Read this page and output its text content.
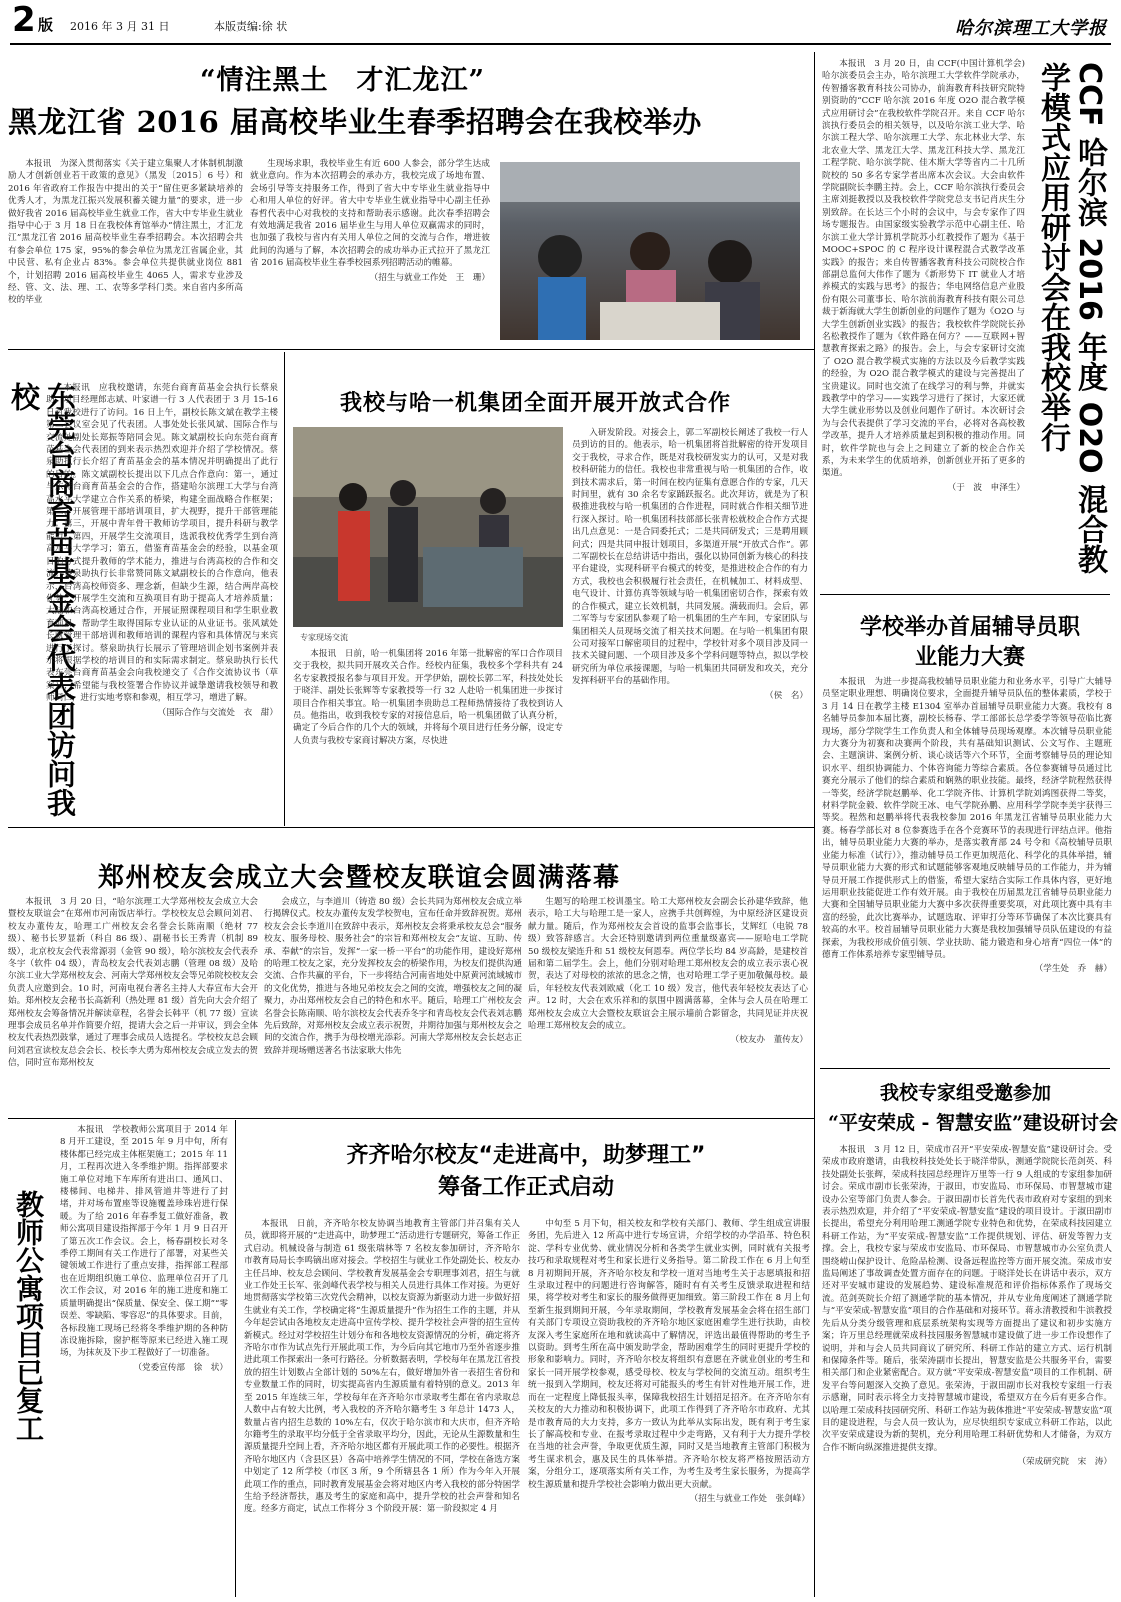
2 版 2016 年 3 月 31 日	本版责编:徐 状	哈尔滨理工大学报
“情注黑土　才汇龙江”
黑龙江省 2016 届高校毕业生春季招聘会在我校举办

本报讯　为深入贯彻落实《关于建立集聚人才体制机制激励人才创新创业若干政策的意见》（黑发〔2015〕6 号）和 2016 年省政府工作报告中提出的关于“留住更多紧缺培养的优秀人才，为黑龙江振兴发展积蓄关键力量”的要求，进一步做好我省 2016 届高校毕业生就业工作，省大中专毕业生就业指导中心于 3 月 18 日在我校体育馆举办“情注黑土，才汇龙江”黑龙江省 2016 届高校毕业生春季招聘会。本次招聘会共有参会单位 175 家，95%的参会单位为黑龙江省属企业，其中民营、私有企业占 83%。参会单位共提供就业岗位 881 个，计划招聘 2016 届高校毕业生 4065 人，需求专业涉及经、管、文、法、理、工、农等多学科门类。来自省内多所高校的毕业

生现场求职，我校毕业生有近 600 人参会，部分学生达成就业意向。作为本次招聘会的承办方，我校完成了场地布置、会场引导等支持服务工作，得到了省大中专毕业生就业指导中心和用人单位的好评。省大中专毕业生就业指导中心副主任孙春哲代表中心对我校的支持和帮助表示感谢。此次春季招聘会有效地满足我省 2016 届毕业生与用人单位双赢需求的同时，也加强了我校与省内有关用人单位之间的交流与合作，增进彼此间的沟通与了解，本次招聘会的成功举办正式拉开了黑龙江省 2016 届高校毕业生春季校园系列招聘活动的帷幕。

（招生与就业工作处　王　珊）

本报讯　3 月 20 日，由 CCF(中国计算机学会)哈尔滨委员会主办，哈尔滨理工大学软件学院承办，传智播客教育科技公司协办，前海教育科技研究院特别资助的“CCF 哈尔滨 2016 年度 O2O 混合教学模式应用研讨会”在我校软件学院召开。来自 CCF 哈尔滨执行委员会的相关领导，以及哈尔滨工业大学、哈尔滨工程大学、哈尔滨理工大学、东北林业大学、东北农业大学、黑龙江大学、黑龙江科技大学、黑龙江工程学院、哈尔滨学院、佳木斯大学等省内二十几所院校的 50 多名专家学者出席本次会议。大会由软件学院副院长李鹏主持。会上，CCF 哈尔滨执行委员会主席刘挺教授以及我校软件学院党总支书记肖庆生分别致辞。在长达三个小时的会议中，与会专家作了四场专题报告。由国家级实验教学示范中心副主任、哈尔滨工业大学计算机学院苏小红教授作了题为《基于 MOOC+SPOC 的 C 程序设计课程混合式教学改革实践》的报告；来自传智播客教育科技公司院校合作部副总监何大伟作了题为《新形势下 IT 就业人才培养模式的实践与思考》的报告；华电网络信息产业股份有限公司董事长、哈尔滨前海教育科技有限公司总裁于新海就大学生创新创业的问题作了题为《O2O 与大学生创新创业实践》的报告；我校软件学院院长孙名松教授作了题为《软件路在何方？——互联网+智慧教育探索之路》的报告。会上，与会专家研讨交流了 O2O 混合教学模式实施的方法以及今后教学实践的经验，为 O2O 混合教学模式的建设与完善提出了宝贵建议。同时也交流了在线学习的利与弊，并就实践教学中的学习——实践学习进行了探讨，大家还就大学生就业形势以及创业问题作了研讨。本次研讨会为与会代表提供了学习交流的平台，必将对各高校教学改革，提升人才培养质量起到积极的推动作用。同时，软件学院也与会上之间建立了新的校企合作关系，为未来学生的优质培养，创新创业开拓了更多的渠道。

（于　波　申泽生）	CCF 哈尔滨 2016 年度 O2O 混合教学模式应用研讨会在我校举行
学校举办首届辅导员职业能力大赛

本报讯　为进一步提高我校辅导员职业能力和业务水平，引导广大辅导员坚定职业理想、明确岗位要求，全面提升辅导员队伍的整体素质，学校于 3 月 14 日在教学主楼 E1304 室举办首届辅导员职业能力大赛。我校有 8 名辅导员参加本届比赛，副校长杨春、学工部部长总学委学等领导莅临比赛现场，部分学院学生工作负责人和全体辅导员现场观摩。本次辅导员职业能力大赛分为初赛和决赛两个阶段，共有基础知识测试、公文写作、主题班会、主题演讲、案例分析、谈心谈话等六个环节，全面考察辅导员的理论知识水平、组织协调能力、个体咨询能力等综合素质。各位参赛辅导员通过比赛充分展示了他们的综合素质和娴熟的职业技能。最终，经济学院程然获得一等奖，经济学院赵鹏举、化工学院齐伟、计算机学院刘鸿图获得二等奖，材料学院金毅、软件学院王冰、电气学院孙鹏、应用科学学院李美宇获得三等奖。程然和赵鹏举将代表我校参加 2016 年黑龙江省辅导员职业能力大赛。杨春学部长对 8 位参赛选手在各个竞赛环节的表现进行评结点评。他指出，辅导员职业能力大赛的举办，是落实教育部 24 号令和《高校辅导员职业能力标准（试行）》，推动辅导员工作更加规范化、科学化的具体举措，辅导员职业能力大赛的形式和试题能够客观地反映辅导员的工作能力，并为辅导员开展工作提供形式上的借鉴，希望大家结合实际工作具体内容，更好地运用职业技能促进工作有效开展。由于我校在历届黑龙江省辅导员职业能力大赛和全国辅导员职业能力大赛中多次获得重要奖项，对此项比赛中具有丰富的经验，此次比赛举办，试题选取、评审打分等环节确保了本次比赛具有较高的水平。校首届辅导员职业能力大赛是我校加强辅导员队伍建设的有益探索，为我校形成价值引领、学业扶助、能力锻造和身心培育“四位一体”的德育工作体系培养专家型辅导员。

（学生处　乔　赫）

我校专家组受邀参加
“平安荣成 - 智慧安监”建设研讨会

本报讯　3 月 12 日，荣成市召开“平安荣成-智慧安监”建设研讨会。受荣成市政府邀请，由我校科技处处长于晓洋带队，测通学院院长范剑英、科技处副处长张辉，荣成科技园总经理许万里等一行 9 人组成的专家组参加研讨会。荣成市副市长张荣涛，于淑田，市安监局、市环保局、市智慧城市建设办公室等部门负责人参会。于淑田副市长首先代表市政府对专家组的到来表示热烈欢迎，并介绍了“平安荣成-智慧安监”建设的项目设计。于淑田副市长提出，希望充分利用哈理工测通学院专业特色和优势，在荣成科技园建立科研工作站，为“平安荣成-智慧安监”工作提供规划、评估、研发等智力支撑。会上，我校专家与荣成市安监局、市环保局、市智慧城市办公室负责人围绕崂山保护设计、危险品检测、设备远程监控等方面开展交流。荣成市安监局阐述了事故调查处置方面存在的问题。于晓洋处长在讲话中表示，双方还对平安城市建设的发展趋势、建设标准规范和评价指标体系作了现场交流。范剑英院长介绍了测通学院的基本情况，并从专业角度阐述了测通学院与“平安荣成-智慧安监”项目的合作基础和对接环节。蒋永清教授和牛滨教授先后从分类分级管理和底层系统架构实现等方面提出了建议和初步实施方案；许万里总经理就荣成科技园服务智慧城市建设做了进一步工作设想作了说明，并和与会人员共同商议了研究所、科研工作站的建立方式、运行机制和保障条件等。随后，张荣涛副市长提出，智慧安监是公共服务平台，需要相关部门和企业紧密配合。双方就“平安荣成-智慧安监”项目的工作机制、研发平台等问题深入交换了意见。张荣涛，于淑田副市长对我校专家组一行表示感谢，同时表示将全力支持智慧城市建设，希望双方在今后有更多合作。以哈理工荣成科技园研究所、科研工作站为载体推进“平安荣成-智慧安监”项目的建设进程，与会人员一致认为，应尽快组织专家成立科研工作站，以此次平安荣成建设为新的契机，充分利用哈理工科研优势和人才储备，为双方合作不断向纵深推进提供支撑。

（荣成研究院　宋　涛）

东莞台商育苗基金会代表团访问我校	本报讯　应我校邀请，东莞台商育苗基金会执行长蔡泉助、项目经理郎志斌、叶家谱一行 3 人代表团于 3 月 15-16 日对我校进行了访问。16 日上午，副校长陈文斌在教学主楼第二会议室会见了代表团。人事处处长张风斌、国际合作与交流处副处长郑振等陪同会见。陈文斌副校长向东莞台商育苗基金会代表团的到来表示热烈欢迎并介绍了学校情况。蔡泉助执行长介绍了育苗基金会的基本情况并明确提出了此行的目的。陈文斌副校长提出以下几点合作意向：第一，通过与东莞台商育苗基金会的合作，搭建哈尔滨理工大学与台湾高水平大学建立合作关系的桥梁，构建全面战略合作框架；第二，开展管理干部培训项目，扩大视野，提升干部管理能力；第三，开展中青年骨干教师访学项目，提升科研与教学能力；第四，开展学生交流项目，选派我校优秀学生到台湾高水平大学学习；第五，借鉴育苗基金会的经验，以基金项目的方式提升教师的学术能力，推进与台湾高校的合作和交流。蔡泉助执行长非常赞同陈文斌副校长的合作意向，他表示，台湾高校师资多、理念新，但缺少生源，结合两岸高校优势，开展学生交流和互换项目有助于提高人才培养质量；大陆和台湾高校通过合作，开展证照课程项目和学生职业教育项目，帮助学生取得国际专业认证的从业证书。张风斌处长就管理干部培训和教师培训的课程内容和具体情况与来宾进行了探讨。蔡泉助执行长展示了管理培训企划书案例并表示将根据学校的培训目的和实际需求制定。蔡泉助执行长代表东莞台商育苗基金会向我校递交了《合作交流协议书（草案）》，希望能与我校签署合作协议并诚挚邀请我校领导和教师同仁，进行实地考察和参观，相互学习，增进了解。

（国际合作与交流处　衣　甜）

我校与哈一机集团全面开展开放式合作
专家现场交流

本报讯　日前，哈一机集团将 2016 年第一批解密的军口合作项目交于我校，拟共同开展攻关合作。经校内征集，我校多个学科共有 24 名专家教授报名参与项目开发。开学伊始，副校长郭二军，科技处处长于晓洋、副处长张辉等专家教授等一行 32 人赴哈一机集团进一步探讨项目合作相关事宜。哈一机集团李贵助总工程师热情接待了我校到访人员。他指出，收到我校专家的对接信息后，哈一机集团做了认真分析，确定了今后合作的几个大的领域，并将每个项目进行任务分解，设定专人负责与我校专家商讨解决方案，尽快进

入研发阶段。对接会上，郭二军副校长阐述了我校一行人员到访的目的。他表示，哈一机集团将首批解密的待开发项目交于我校，寻求合作，既是对我校研发实力的认可，又是对我校科研能力的信任。我校也非常重视与哈一机集团的合作，收到技术需求后，第一时间在校内征集有意愿合作的专家，几天时间里，就有 30 余名专家踊跃报名。此次拜访，就是为了积极推进我校与哈一机集团的合作进程，同时就合作相关细节进行深入探讨。哈一机集团科技部部长张青松就校企合作方式提出几点意见：一是合同委托式；二是共同研发式；三是聘用顾问式；四是共同申报计划项目，多渠道开展“开放式合作”。郭二军副校长在总结讲话中指出，强化以协同创新为核心的科技平台建设，实现科研平台模式的转变，是推进校企合作的有力方式，我校也会积极履行社会责任，在机械加工、材料成型、电气设计、计算仿真等领域与哈一机集团密切合作，探索有效的合作模式，建立长效机制，共同发展。满载而归。会后，郭二军等与专家团队参观了哈一机集团的生产车间，专家团队与集团相关人员现场交流了相关技术问题。在与哈一机集团有限公司对接军口解密项目的过程中，学校针对多个项目涉及同一技术关键问题、一个项目涉及多个学科问题等特点，拟以学校研究所为单位承接课题，与哈一机集团共同研发和攻关，充分发挥科研平台的基础作用。

（侯　名）

郑州校友会成立大会暨校友联谊会圆满落幕

本报讯　3 月 20 日，“哈尔滨理工大学郑州校友会成立大会暨校友联谊会”在郑州市河南饭店举行。学校校友总会顾问刘君、校友办董传友，哈理工广州校友会名誉会长陈南顺（绝材 77 级）、秘书长罗显新（科自 86 级）、副秘书长王秀青（机制 89 级），北京校友会代表常源羽（金管 90 级），哈尔滨校友会代表乔冬宇（软件 04 级），青岛校友会代表刘志鹏（管理 08 级）及哈尔滨工业大学郑州校友会、河南大学郑州校友会等兄弟院校校友会负责人应邀到会。10 时，河南电视台著名主持人大春宣布大会开始。郑州校友会秘书长高新利（热处理 81 级）首先向大会介绍了郑州校友会筹备情况并解读章程，名誉会长韩平（机 77 级）宣读理事会成员名单并作简要介绍，提请大会之后一并审议，到会全体校友代表热烈鼓掌，通过了理事会成员人选提名。学校校友总会顾问刘君宣读校友总会会长、校长李大勇为郑州校友会成立发去的贺信，同时宣布郑州校友

会成立，与李道川（铸造 80 级）会长共同为郑州校友会成立举行揭牌仪式。校友办董传友发学校贺电，宣布任命并致辞祝贺。郑州校友会会长李道川在致辞中表示，郑州校友会将秉承校友总会“服务校友、服务母校、服务社会”的宗旨和郑州校友会“友谊、互助、传承、奉献”的宗旨，发挥“一家一桥一平台”的功能作用，建设好郑州的哈理工校友之家，充分发挥校友会的桥梁作用，为校友们提供沟通交流、合作共赢的平台，下一步将结合河南省地处中原黄河流域城市的文化优势，推进与各地兄弟校友会之间的交流，增强校友之间的凝聚力，办出郑州校友会自己的特色和水平。随后，哈理工广州校友会名誉会长陈南顺、哈尔滨校友会代表乔冬宇和青岛校友会代表刘志鹏先后致辞，对郑州校友会成立表示祝贺，并期待加强与郑州校友会之间的交流合作，携手为母校增光添彩。河南大学郑州校友会长赵志正致辞并现场赠送著名书法家耿大伟先

生题写的哈理工校训墨宝。哈工大郑州校友会副会长孙建华致辞，他表示，哈工大与哈理工是一家人，应携手共创辉煌，为中原经济区建设贡献力量。随后，作为郑州校友会首设的监事会监事长，艾辉红（电锐 78 级）致答辞感言。大会还特别邀请到两位重量级嘉宾——原哈电工学院 50 级校友梁连升和 51 级校友何恩奉。两位学长均 84 岁高龄，是建校首届和第二届学生。会上，他们分别对哈理工郑州校友会的成立表示衷心祝贺，表达了对母校的浓浓的思念之情，也对哈理工学子更加敬佩母校。最后，年轻校友代表刘欧威（化工 10 级）发言，他代表年轻校友表达了心声。12 时，大会在欢乐祥和的氛围中圆满落幕，全体与会人员在哈理工郑州校友会成立大会暨校友联谊会主展示墙前合影留念，共同见证并庆祝哈理工郑州校友会的成立。

（校友办　董传友）

教师公寓项目已复工

本报讯　学校教师公寓项目于 2014 年 8 月开工建设，至 2015 年 9 月中旬，所有楼体都已经完成主体框架施工；2015 年 11 月，工程再次进入冬季维护期。指挥部要求施工单位对地下车库所有进出口、通风口、楼梯间、电梯井、排风管道井等进行了封堵，并对场布置座等设施覆盖珍珠岩进行保暖。为了给 2016 年春季复工做好准备，教师公寓项目建设指挥部于今年 1 月 9 日召开了第五次工作会议。会上，杨春副校长对冬季停工期间有关工作进行了部署，对某些关键领域工作进行了重点安排，指挥部工程部也在近期组织施工单位、监理单位召开了几次工作会议，对 2016 年的施工进度和施工质量明确提出“保质量、保安全、保工期”“零误差、零缺陷、零容忍”的具体要求。目前，各标段施工现场已经将冬季维护期的各种防冻设施拆除，窗护框等原来已经进入施工现场，为抹灰及下步工程做好了一切准备。

（党委宣传部　徐　状）

齐齐哈尔校友“走进高中，助梦理工”
筹备工作正式启动

本报讯　日前，齐齐哈尔校友协调当地教育主管部门并召集有关人员，就即将开展的“走进高中，助梦理工”活动进行专题研究，筹备工作正式启动。机械设备与制造 61 级张瑞林等 7 名校友参加研讨，齐齐哈尔市教育局局长李鸣镝出席对接会。学校招生与就业工作处副处长、校友办主任吕坤、校友总会顾问、学校教育发展基金会专职理事刘君，招生与就业工作处王长军、张剑峰代表学校与相关人员进行具体工作对接。为更好地贯彻落实学校第三次党代会精神，以校友资源为新驱动力进一步做好招生就业有关工作，学校确定将“生源质量提升”作为招生工作的主题，并从今年起尝试由各地校友走进高中宣传学校、提升学校社会声誉的招生宣传新模式。经过对学校招生计划分布和各地校友资源情况的分析，确定将齐齐哈尔市作为试点先行开展此项工作，为今后向其它地市乃至外省逐步推进此项工作探索出一条可行路径。分析数据表明，学校每年在黑龙江省投放的招生计划数占全部计划的 50%左右，做好增加外省一表招生省份和专业数量工作的同时，切实提高省内生源质量有着特别的意义。2013 年至 2015 年连续三年，学校每年在齐齐哈尔市录取考生都在省内录取总人数中占有较大比例，考入我校的齐齐哈尔籍考生 3 年总计 1473 人，数量占省内招生总数的 10%左右，仅次于哈尔滨市和大庆市，但齐齐哈尔籍考生的录取平均分低于全省录取平均分，因此，无论从生源数量和生源质量提升空间上看，齐齐哈尔地区都有开展此项工作的必要性。根据齐齐哈尔地区内（含县区县）各高中培养学生情况的不同，学校在备选方案中划定了 12 所学校（市区 3 所，9 个所辖县各 1 所）作为今年入开展此项工作的重点，同时教育发展基金会将对地区内考入我校的部分特困学生给予经济帮扶，惠及考生的家庭和高中，提升学校的社会声誉和知名度。经多方商定，试点工作将分 3 个阶段开展：第一阶段拟定 4 月

中旬至 5 月下旬，相关校友和学校有关部门、教师、学生组成宣讲服务团，先后进入 12 所高中进行专场宣讲，介绍学校的办学沿革、特色积淀、学科专业优势、就业情况分析和各类学生就业实例，同时就有关报考技巧和录取规程对考生和家长进行义务指导。第二阶段工作在 6 月上旬至 8 月初期间开展，齐齐哈尔校友和学校一道对当地考生关于志愿填报和招生录取过程中的问题进行咨询解答，随时有有关考生反馈录取进程和结果，将学校对考生和家长的服务做得更加细致。第三阶段工作在 8 月上旬至新生报到期间开展，今年录取期间，学校教育发展基金会将在招生部门有关部门专项设立资助我校的齐齐哈尔地区家庭困难学生进行扶助，由校友深入考生家庭所在地和就读高中了解情况，评选出最值得帮助的考生予以资助。到考生所在高中颁发助学金，帮助困难学生的同时更提升学校的形象和影响力。同时，齐齐哈尔校友将组织有意愿在齐就业创业的考生和家长一同开展学校参观，感受母校、校友与学校间的交流互动。组织考生统一报到入学期间，校友还将对可能报头的考生有针对性地开展工作，进而在一定程度上降低报头率，保障我校招生计划招足招齐。在齐齐哈尔有关校友的大力推动和积极协调下，此项工作得到了齐齐哈尔市政府、尤其是市教育局的大力支持，多方一致认为此举从实际出发，既有利于考生家长了解高校和专业、在报考录取过程中少走弯路，又有利于大力提升学校在当地的社会声誉，争取更优质生源，同时又是当地教育主管部门积极为考生谋求机会，惠及民生的具体举措。齐齐哈尔校友将严格按照活动方案，分组分工，逐项落实所有关工作，为考生及考生家长服务，为提高学校生源质量和提升学校社会影响力做出更大贡献。

（招生与就业工作处　张剑峰）
